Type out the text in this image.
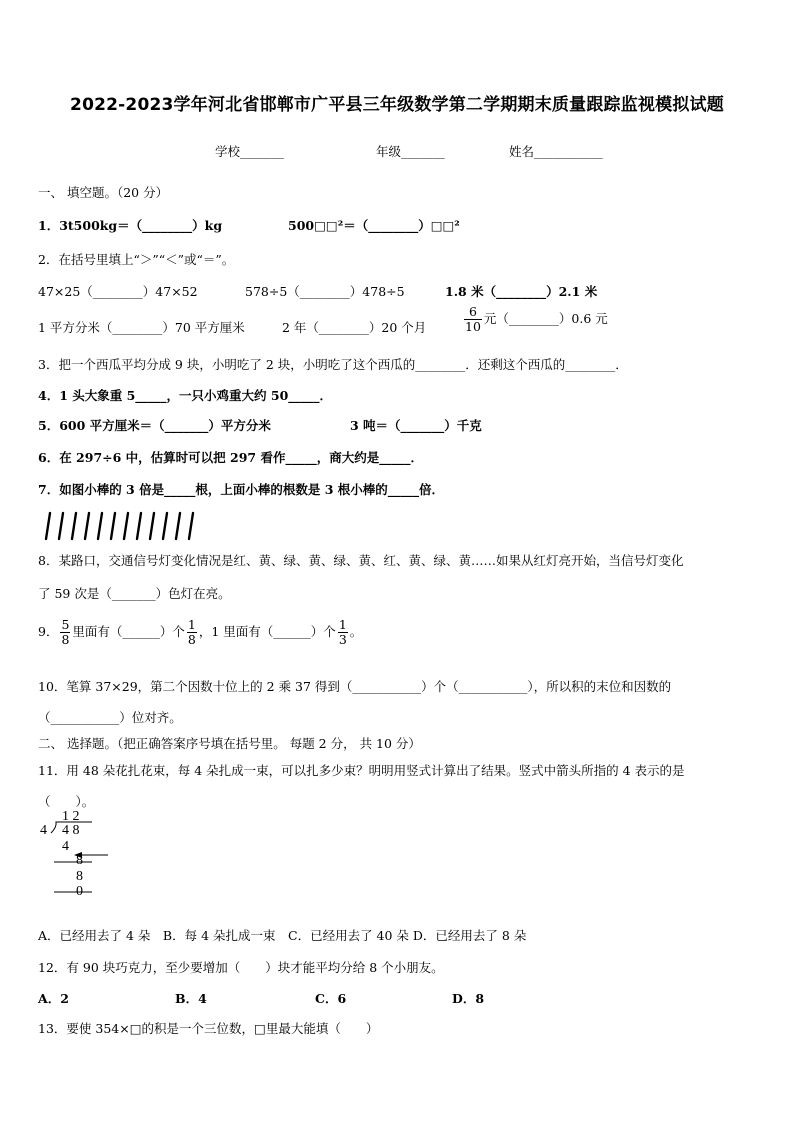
2022-2023学年河北省邯郸市广平县三年级数学第二学期期末质量跟踪监视模拟试题
学校_______	年级_______	姓名___________
一、 填空题。（20 分）
1．3t500kg＝（________）kg	500□□²＝（________）□□²
2．在括号里填上“＞”“＜”或“＝”。
47×25（________）47×52	578÷5（________）478÷5	1.8 米（________）2.1 米
1 平方分米（________）70 平方厘米	2 年（________）20 个月	$\frac{6}{10}$ 元（________）0.6 元
3．把一个西瓜平均分成 9 块，小明吃了 2 块，小明吃了这个西瓜的________．还剩这个西瓜的________．
4．1 头大象重 5_____，一只小鸡重大约 50_____．
5．600 平方厘米＝（_______）平方分米	3 吨＝（_______）千克
6．在 297÷6 中，估算时可以把 297 看作_____，商大约是_____．
7．如图小棒的 3 倍是_____根，上面小棒的根数是 3 根小棒的_____倍．
8．某路口，交通信号灯变化情况是红、黄、绿、黄、绿、黄、红、黄、绿、黄……如果从红灯亮开始，当信号灯变化
了 59 次是（_______）色灯在亮。
9． $\frac{5}{8}$ 里面有（______）个 $\frac{1}{8}$ ，1 里面有（______）个 $\frac{1}{3}$ 。
10．笔算 37×29，第二个因数十位上的 2 乘 37 得到（___________）个（___________），所以积的末位和因数的
（___________）位对齐。
二、 选择题。（把正确答案序号填在括号里。 每题 2 分， 共 10 分）
11．用 48 朵花扎花束，每 4 朵扎成一束，可以扎多少束？明明用竖式计算出了结果。竖式中箭头所指的 4 表示的是
（　　）。
1 2
4 4 8
4
8
8
0
A．已经用去了 4 朵　B．每 4 朵扎成一束　C．已经用去了 40 朵 D．已经用去了 8 朵
12．有 90 块巧克力，至少要增加（　　）块才能平均分给 8 个小朋友。
A．2	B．4	C．6	D．8
13．要使 354×□的积是一个三位数，□里最大能填（　　）
